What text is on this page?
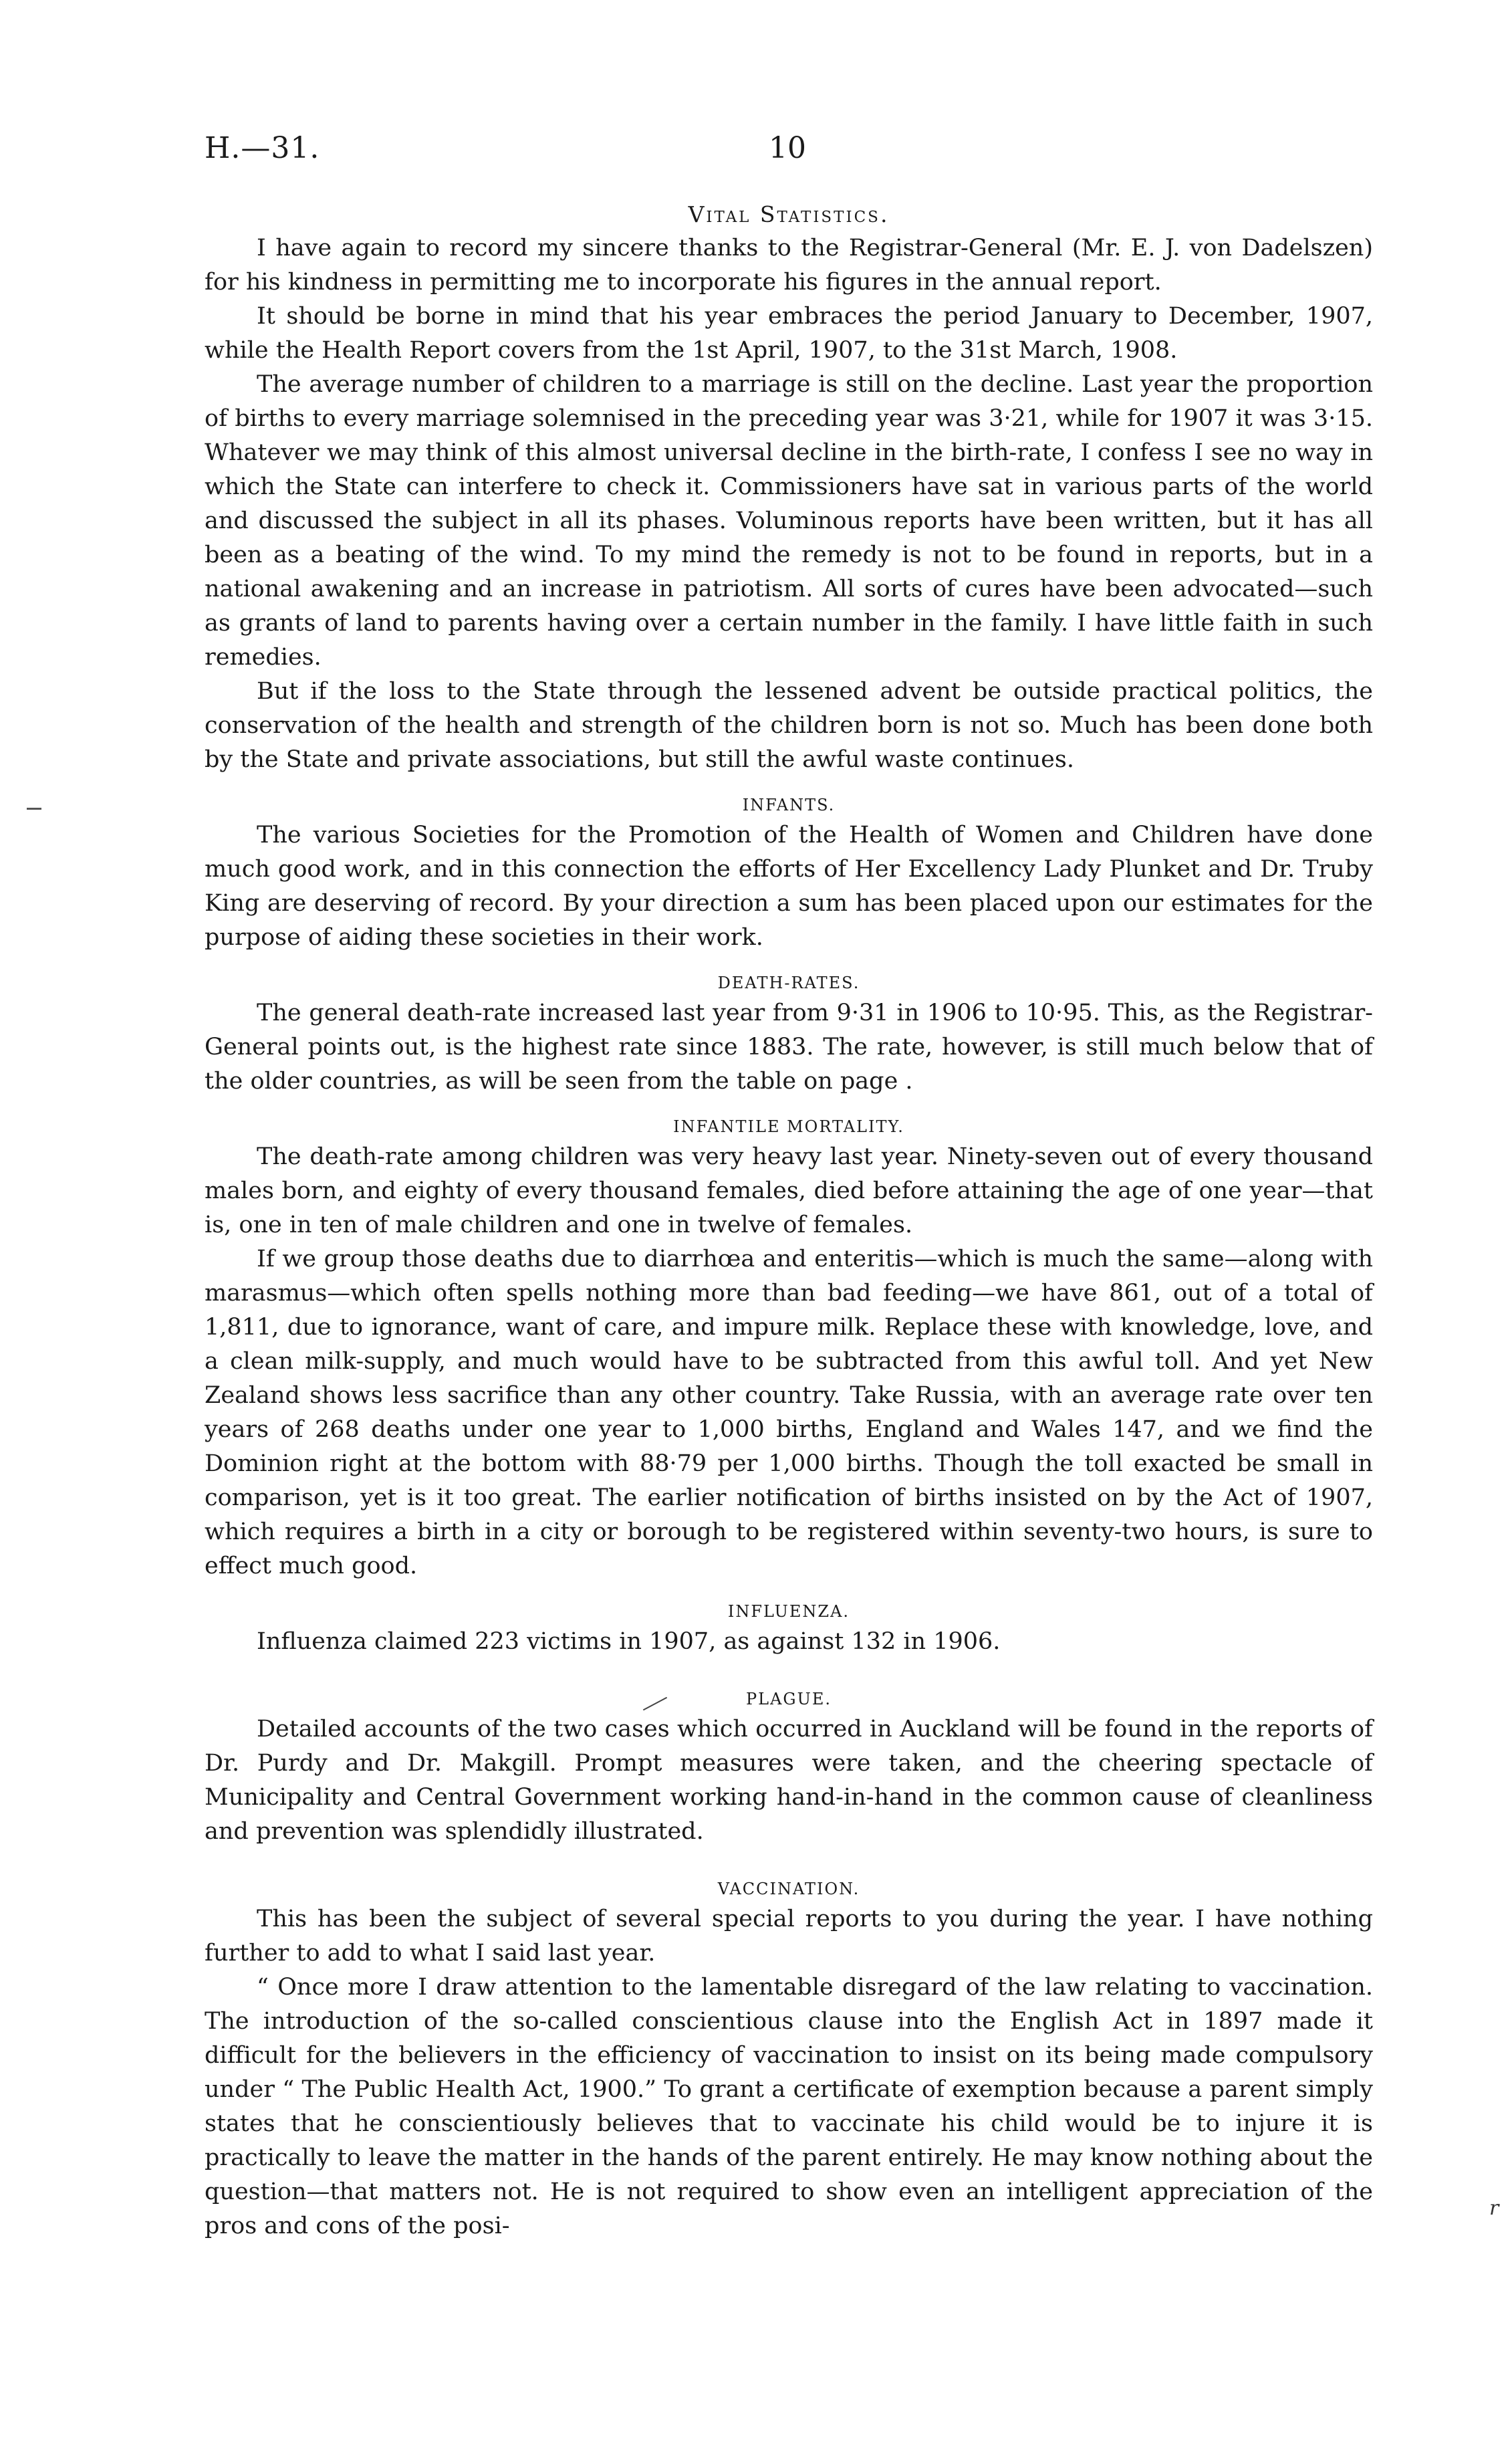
H.—31.	10
r
Vital Statistics.

I have again to record my sincere thanks to the Registrar-General (Mr. E. J. von Dadelszen) for his kindness in permitting me to incorporate his figures in the annual report.

It should be borne in mind that his year embraces the period January to December, 1907, while the Health Report covers from the 1st April, 1907, to the 31st March, 1908.

The average number of children to a marriage is still on the decline. Last year the proportion of births to every marriage solemnised in the preceding year was 3·21, while for 1907 it was 3·15. Whatever we may think of this almost universal decline in the birth-rate, I confess I see no way in which the State can interfere to check it. Commissioners have sat in various parts of the world and discussed the subject in all its phases. Voluminous reports have been written, but it has all been as a beating of the wind. To my mind the remedy is not to be found in reports, but in a national awakening and an increase in patriotism. All sorts of cures have been advocated—such as grants of land to parents having over a certain number in the family. I have little faith in such remedies.

But if the loss to the State through the lessened advent be outside practical politics, the conservation of the health and strength of the children born is not so. Much has been done both by the State and private associations, but still the awful waste continues.

INFANTS.

The various Societies for the Promotion of the Health of Women and Children have done much good work, and in this connection the efforts of Her Excellency Lady Plunket and Dr. Truby King are deserving of record. By your direction a sum has been placed upon our estimates for the purpose of aiding these societies in their work.

DEATH-RATES.

The general death-rate increased last year from 9·31 in 1906 to 10·95. This, as the Registrar-General points out, is the highest rate since 1883. The rate, however, is still much below that of the older countries, as will be seen from the table on page .

INFANTILE MORTALITY.

The death-rate among children was very heavy last year. Ninety-seven out of every thousand males born, and eighty of every thousand females, died before attaining the age of one year—that is, one in ten of male children and one in twelve of females.

If we group those deaths due to diarrhœa and enteritis—which is much the same—along with marasmus—which often spells nothing more than bad feeding—we have 861, out of a total of 1,811, due to ignorance, want of care, and impure milk. Replace these with knowledge, love, and a clean milk-supply, and much would have to be subtracted from this awful toll. And yet New Zealand shows less sacrifice than any other country. Take Russia, with an average rate over ten years of 268 deaths under one year to 1,000 births, England and Wales 147, and we find the Dominion right at the bottom with 88·79 per 1,000 births. Though the toll exacted be small in comparison, yet is it too great. The earlier notification of births insisted on by the Act of 1907, which requires a birth in a city or borough to be registered within seventy-two hours, is sure to effect much good.

INFLUENZA.

Influenza claimed 223 victims in 1907, as against 132 in 1906.

PLAGUE.

Detailed accounts of the two cases which occurred in Auckland will be found in the reports of Dr. Purdy and Dr. Makgill. Prompt measures were taken, and the cheering spectacle of Municipality and Central Government working hand-in-hand in the common cause of cleanliness and prevention was splendidly illustrated.

VACCINATION.

This has been the subject of several special reports to you during the year. I have nothing further to add to what I said last year.

“ Once more I draw attention to the lamentable disregard of the law relating to vaccination. The introduction of the so-called conscientious clause into the English Act in 1897 made it difficult for the believers in the efficiency of vaccination to insist on its being made compulsory under “ The Public Health Act, 1900.” To grant a certificate of exemption because a parent simply states that he conscientiously believes that to vaccinate his child would be to injure it is practically to leave the matter in the hands of the parent entirely. He may know nothing about the question—that matters not. He is not required to show even an intelligent appreciation of the pros and cons of the posi-
